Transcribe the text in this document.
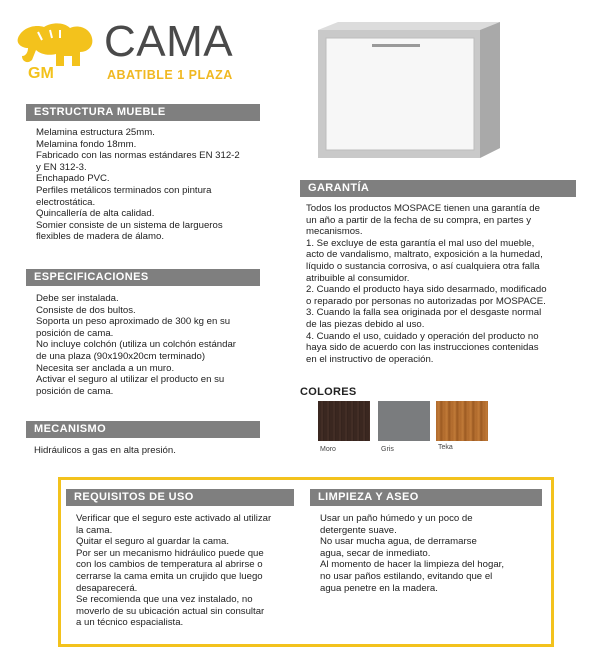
GM
CAMA
ABATIBLE 1 PLAZA
ESTRUCTURA MUEBLE

Melamina estructura 25mm.

Melamina fondo 18mm.

Fabricado con las normas estándares EN 312-2

y EN 312-3.

Enchapado PVC.

Perfiles metálicos terminados con pintura

electrostática.

Quincallería de alta calidad.

Somier consiste de un sistema de largueros

flexibles de madera de álamo.

ESPECIFICACIONES

Debe ser instalada.

Consiste de dos bultos.

Soporta un peso aproximado de 300 kg en su

posición de cama.

No incluye colchón (utiliza un colchón estándar

de una plaza (90x190x20cm terminado)

Necesita ser anclada a un muro.

Activar el seguro al utilizar el producto en su

posición de cama.

MECANISMO

Hidráulicos a gas en alta presión.

GARANTÍA

Todos los productos MOSPACE tienen una garantía de

un año a partir de la fecha de su compra, en partes y

mecanismos.

1. Se excluye de esta garantía el mal uso del mueble,

acto de vandalismo, maltrato, exposición a la humedad,

líquido o sustancia corrosiva, o así cualquiera otra falla

atribuible al consumidor.

2. Cuando el producto haya sido desarmado, modificado

o reparado por personas no autorizadas por MOSPACE.

3. Cuando la falla sea originada por el desgaste normal

de las piezas debido al uso.

4. Cuando el uso, cuidado y operación del producto no

haya sido de acuerdo con las instrucciones contenidas

en el instructivo de operación.

COLORES
Moro	Gris	Teka
REQUISITOS DE USO

Verificar que el seguro este activado al utilizar

la cama.

Quitar el seguro al guardar la cama.

Por ser un mecanismo hidráulico puede que

con los cambios de temperatura al abrirse o

cerrarse la cama emita un crujido que luego

desaparecerá.

Se recomienda que una vez instalado, no

moverlo de su ubicación actual sin consultar

a un técnico espacialista.

LIMPIEZA Y ASEO

Usar un paño húmedo y un poco de

detergente suave.

No usar mucha agua, de derramarse

agua, secar de inmediato.

Al momento de hacer la limpieza del hogar,

no usar paños estilando, evitando que el

agua penetre en la madera.
